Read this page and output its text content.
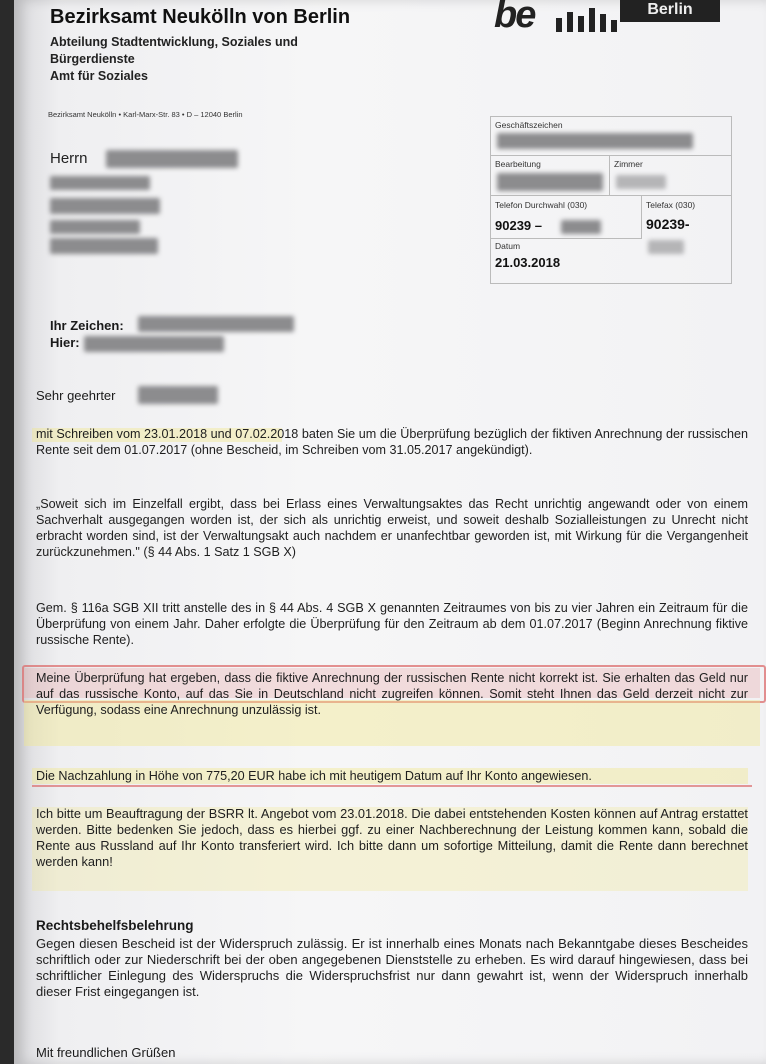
Bezirksamt Neukölln von Berlin
Abteilung Stadtentwicklung, Soziales und
Bürgerdienste
Amt für Soziales
be	Berlin
Bezirksamt Neukölln • Karl-Marx-Str. 83 • D – 12040 Berlin
Herrn
Geschäftszeichen
Bearbeitung	Zimmer
Telefon Durchwahl (030)
90239 –
Telefax (030)
90239-
Datum
21.03.2018
Ihr Zeichen:
Hier:
Sehr geehrter
mit Schreiben vom 23.01.2018 und 07.02.2018 baten Sie um die Überprüfung bezüglich der fiktiven Anrechnung der russischen Rente seit dem 01.07.2017 (ohne Bescheid, im Schreiben vom 31.05.2017 angekündigt).
„Soweit sich im Einzelfall ergibt, dass bei Erlass eines Verwaltungsaktes das Recht unrichtig angewandt oder von einem Sachverhalt ausgegangen worden ist, der sich als unrichtig erweist, und soweit deshalb Sozialleistungen zu Unrecht nicht erbracht worden sind, ist der Verwaltungsakt auch nachdem er unanfechtbar geworden ist, mit Wirkung für die Vergangenheit zurückzunehmen." (§ 44 Abs. 1 Satz 1 SGB X)
Gem. § 116a SGB XII tritt anstelle des in § 44 Abs. 4 SGB X genannten Zeitraumes von bis zu vier Jahren ein Zeitraum für die Überprüfung von einem Jahr. Daher erfolgte die Überprüfung für den Zeitraum ab dem 01.07.2017 (Beginn Anrechnung fiktive russische Rente).
Meine Überprüfung hat ergeben, dass die fiktive Anrechnung der russischen Rente nicht korrekt ist. Sie erhalten das Geld nur auf das russische Konto, auf das Sie in Deutschland nicht zugreifen können. Somit steht Ihnen das Geld derzeit nicht zur Verfügung, sodass eine Anrechnung unzulässig ist.
Die Nachzahlung in Höhe von 775,20 EUR habe ich mit heutigem Datum auf Ihr Konto angewiesen.
Ich bitte um Beauftragung der BSRR lt. Angebot vom 23.01.2018. Die dabei entstehenden Kosten können auf Antrag erstattet werden. Bitte bedenken Sie jedoch, dass es hierbei ggf. zu einer Nachberechnung der Leistung kommen kann, sobald die Rente aus Russland auf Ihr Konto transferiert wird. Ich bitte dann um sofortige Mitteilung, damit die Rente dann berechnet werden kann!
Rechtsbehelfsbelehrung
Gegen diesen Bescheid ist der Widerspruch zulässig. Er ist innerhalb eines Monats nach Bekanntgabe dieses Bescheides schriftlich oder zur Niederschrift bei der oben angegebenen Dienststelle zu erheben. Es wird darauf hingewiesen, dass bei schriftlicher Einlegung des Widerspruchs die Widerspruchsfrist nur dann gewahrt ist, wenn der Widerspruch innerhalb dieser Frist eingegangen ist.
Mit freundlichen Grüßen
